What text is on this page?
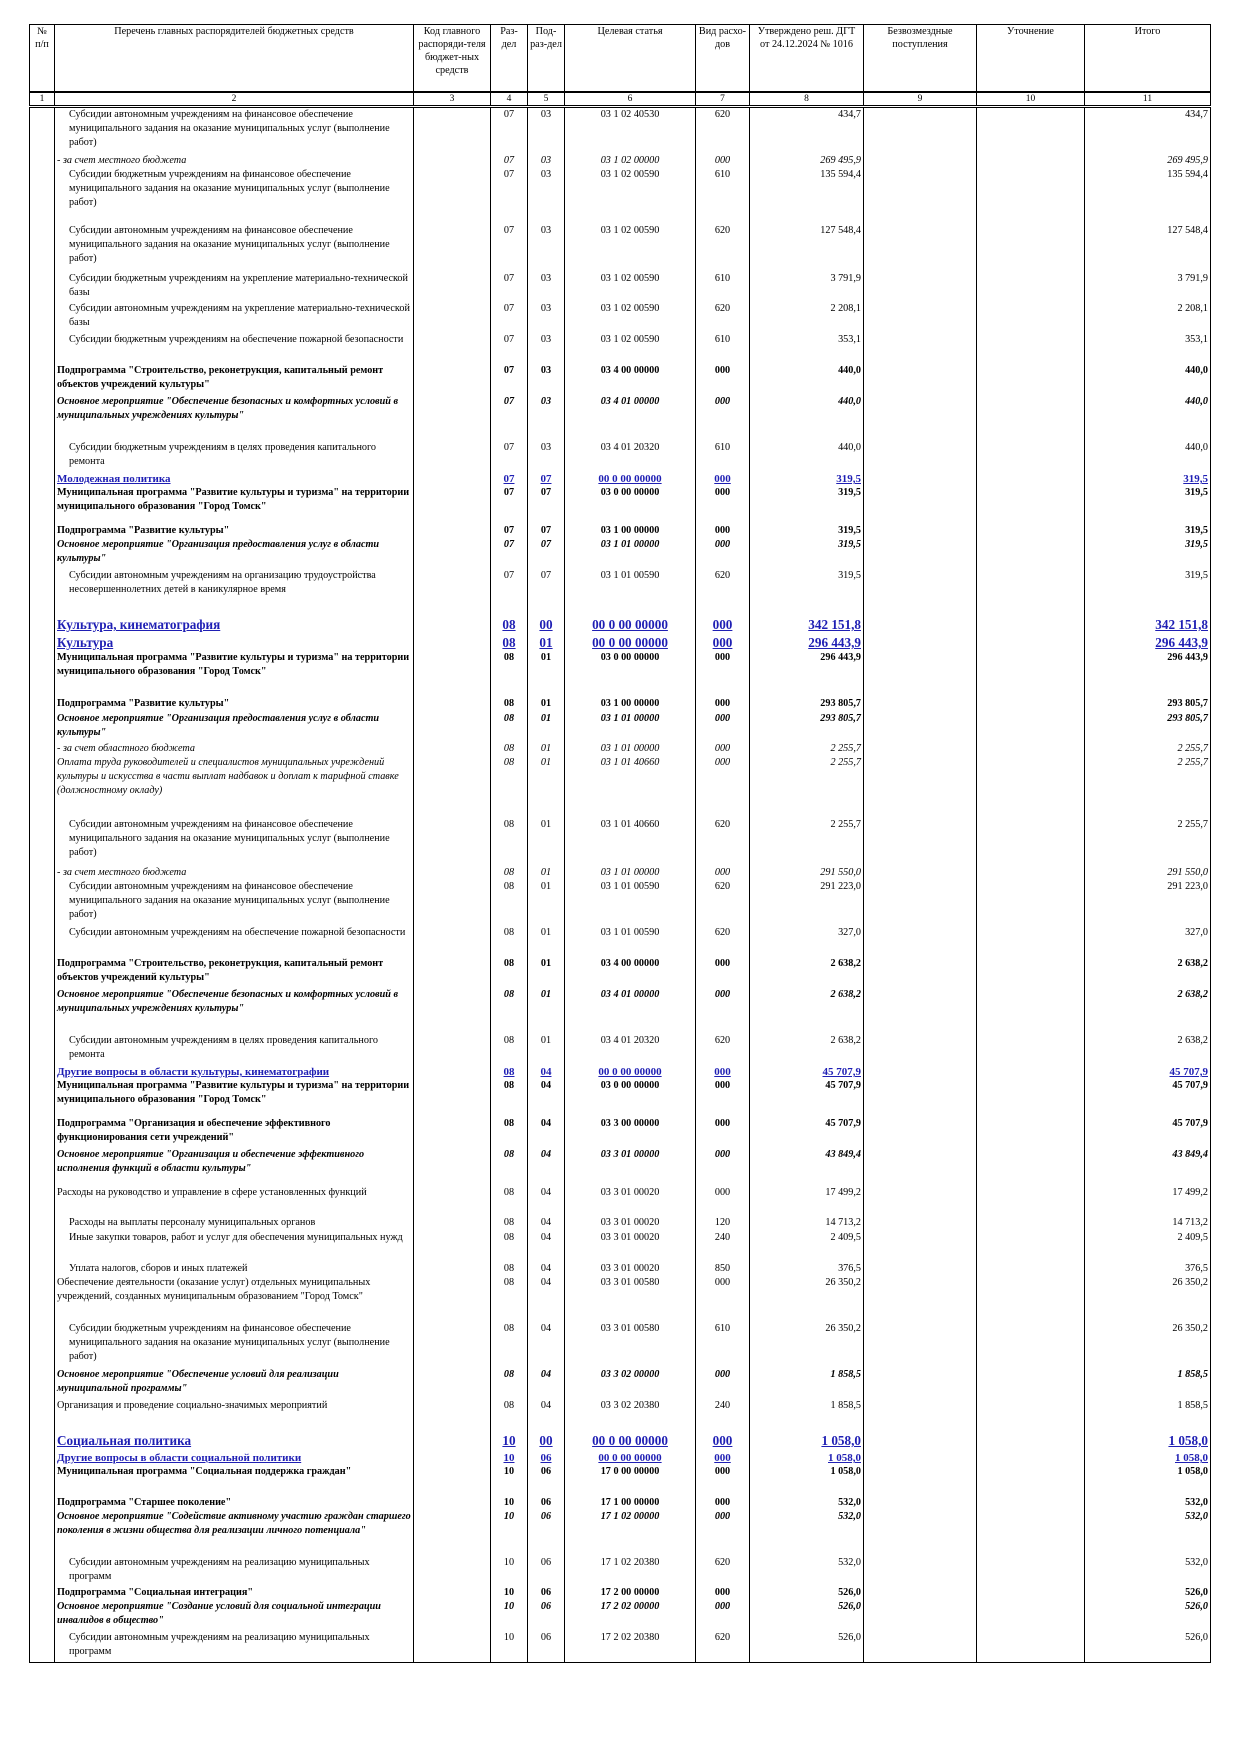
№ п/п	Перечень главных распорядителей бюджетных средств	Код главного распоряди-теля бюджет-ных средств	Раз-дел	Под-раз-дел	Целевая статья	Вид расхо-дов	Утверждено реш. ДГТ от 24.12.2024 № 1016	Безвозмездные поступления	Уточнение	Итого
1	2	3	4	5	6	7	8	9	10	11

	Субсидии автономным учреждениям на финансовое обеспечение муниципального задания на оказание муниципальных услуг (выполнение работ)		07	03	03 1 02 40530	620	434,7			434,7
	- за счет местного бюджета		07	03	03 1 02 00000	000	269 495,9			269 495,9

	Субсидии бюджетным учреждениям на финансовое обеспечение муниципального задания на оказание муниципальных услуг (выполнение работ)		07	03	03 1 02 00590	610	135 594,4			135 594,4

	Субсидии автономным учреждениям на финансовое обеспечение муниципального задания на оказание муниципальных услуг (выполнение работ)		07	03	03 1 02 00590	620	127 548,4			127 548,4

	Субсидии бюджетным учреждениям на укрепление материально-технической базы		07	03	03 1 02 00590	610	3 791,9			3 791,9

	Субсидии автономным учреждениям на укрепление материально-технической базы		07	03	03 1 02 00590	620	2 208,1			2 208,1

	Субсидии бюджетным учреждениям на обеспечение пожарной безопасности		07	03	03 1 02 00590	610	353,1			353,1
	Подпрограмма "Строительство, реконетрукция, капитальный ремонт объектов учреждений культуры"		07	03	03 4 00 00000	000	440,0			440,0
	Основное мероприятие "Обеспечение безопасных и комфортных условий в муниципальных учреждениях культуры"		07	03	03 4 01 00000	000	440,0			440,0

	Субсидии бюджетным учреждениям в целях проведения капитального ремонта		07	03	03 4 01 20320	610	440,0			440,0
	Молодежная политика		07	07	00 0 00 00000	000	319,5			319,5
	Муниципальная программа "Развитие культуры и туризма" на территории муниципального образования "Город Томск"		07	07	03 0 00 00000	000	319,5			319,5
	Подпрограмма "Развитие культуры"		07	07	03 1 00 00000	000	319,5			319,5
	Основное мероприятие "Организация предоставления услуг в области культуры"		07	07	03 1 01 00000	000	319,5			319,5

	Субсидии автономным учреждениям на организацию трудоустройства несовершеннолетних детей в каникулярное время		07	07	03 1 01 00590	620	319,5			319,5
	Культура, кинематография		08	00	00 0 00 00000	000	342 151,8			342 151,8
	Культура		08	01	00 0 00 00000	000	296 443,9			296 443,9
	Муниципальная программа "Развитие культуры и туризма" на территории муниципального образования "Город Томск"		08	01	03 0 00 00000	000	296 443,9			296 443,9
	Подпрограмма "Развитие культуры"		08	01	03 1 00 00000	000	293 805,7			293 805,7
	Основное мероприятие "Организация предоставления услуг в области культуры"		08	01	03 1 01 00000	000	293 805,7			293 805,7
	- за счет областного бюджета		08	01	03 1 01 00000	000	2 255,7			2 255,7
	Оплата труда руководителей и специалистов муниципальных учреждений культуры и искусства в части выплат надбавок и доплат к тарифной ставке (должностному окладу)		08	01	03 1 01 40660	000	2 255,7			2 255,7

	Субсидии автономным учреждениям на финансовое обеспечение муниципального задания на оказание муниципальных услуг (выполнение работ)		08	01	03 1 01 40660	620	2 255,7			2 255,7
	- за счет местного бюджета		08	01	03 1 01 00000	000	291 550,0			291 550,0

	Субсидии автономным учреждениям на финансовое обеспечение муниципального задания на оказание муниципальных услуг (выполнение работ)		08	01	03 1 01 00590	620	291 223,0			291 223,0

	Субсидии автономным учреждениям на обеспечение пожарной безопасности		08	01	03 1 01 00590	620	327,0			327,0
	Подпрограмма "Строительство, реконетрукция, капитальный ремонт объектов учреждений культуры"		08	01	03 4 00 00000	000	2 638,2			2 638,2
	Основное мероприятие "Обеспечение безопасных и комфортных условий в муниципальных учреждениях культуры"		08	01	03 4 01 00000	000	2 638,2			2 638,2

	Субсидии автономным учреждениям в целях проведения капитального ремонта		08	01	03 4 01 20320	620	2 638,2			2 638,2
	Другие вопросы в области культуры, кинематографии		08	04	00 0 00 00000	000	45 707,9			45 707,9
	Муниципальная программа "Развитие культуры и туризма" на территории муниципального образования "Город Томск"		08	04	03 0 00 00000	000	45 707,9			45 707,9
	Подпрограмма "Организация и обеспечение эффективного функционирования сети учреждений"		08	04	03 3 00 00000	000	45 707,9			45 707,9
	Основное мероприятие "Организация и обеспечение эффективного исполнения функций в области культуры"		08	04	03 3 01 00000	000	43 849,4			43 849,4
	Расходы на руководство и управление в сфере установленных функций		08	04	03 3 01 00020	000	17 499,2			17 499,2

	Расходы на выплаты персоналу муниципальных органов		08	04	03 3 01 00020	120	14 713,2			14 713,2

	Иные закупки товаров, работ и услуг для обеспечения муниципальных нужд		08	04	03 3 01 00020	240	2 409,5			2 409,5

	Уплата налогов, сборов и иных платежей		08	04	03 3 01 00020	850	376,5			376,5
	Обеспечение деятельности (оказание услуг) отдельных муниципальных учреждений, созданных муниципальным образованием "Город Томск"		08	04	03 3 01 00580	000	26 350,2			26 350,2

	Субсидии бюджетным учреждениям на финансовое обеспечение муниципального задания на оказание муниципальных услуг (выполнение работ)		08	04	03 3 01 00580	610	26 350,2			26 350,2
	Основное мероприятие "Обеспечение условий для реализации муниципальной программы"		08	04	03 3 02 00000	000	1 858,5			1 858,5
	Организация и проведение социально-значимых мероприятий		08	04	03 3 02 20380	240	1 858,5			1 858,5
	Социальная политика		10	00	00 0 00 00000	000	1 058,0			1 058,0
	Другие вопросы в области социальной политики		10	06	00 0 00 00000	000	1 058,0			1 058,0
	Муниципальная программа "Социальная поддержка граждан"		10	06	17 0 00 00000	000	1 058,0			1 058,0
	Подпрограмма "Старшее поколение"		10	06	17 1 00 00000	000	532,0			532,0
	Основное мероприятие "Содействие активному участию граждан старшего поколения в жизни общества для реализации личного потенциала"		10	06	17 1 02 00000	000	532,0			532,0

	Субсидии автономным учреждениям на реализацию муниципальных программ		10	06	17 1 02 20380	620	532,0			532,0
	Подпрограмма "Социальная интеграция"		10	06	17 2 00 00000	000	526,0			526,0
	Основное мероприятие "Создание условий для социальной интеграции инвалидов в общество"		10	06	17 2 02 00000	000	526,0			526,0

	Субсидии автономным учреждениям на реализацию муниципальных программ		10	06	17 2 02 20380	620	526,0			526,0
